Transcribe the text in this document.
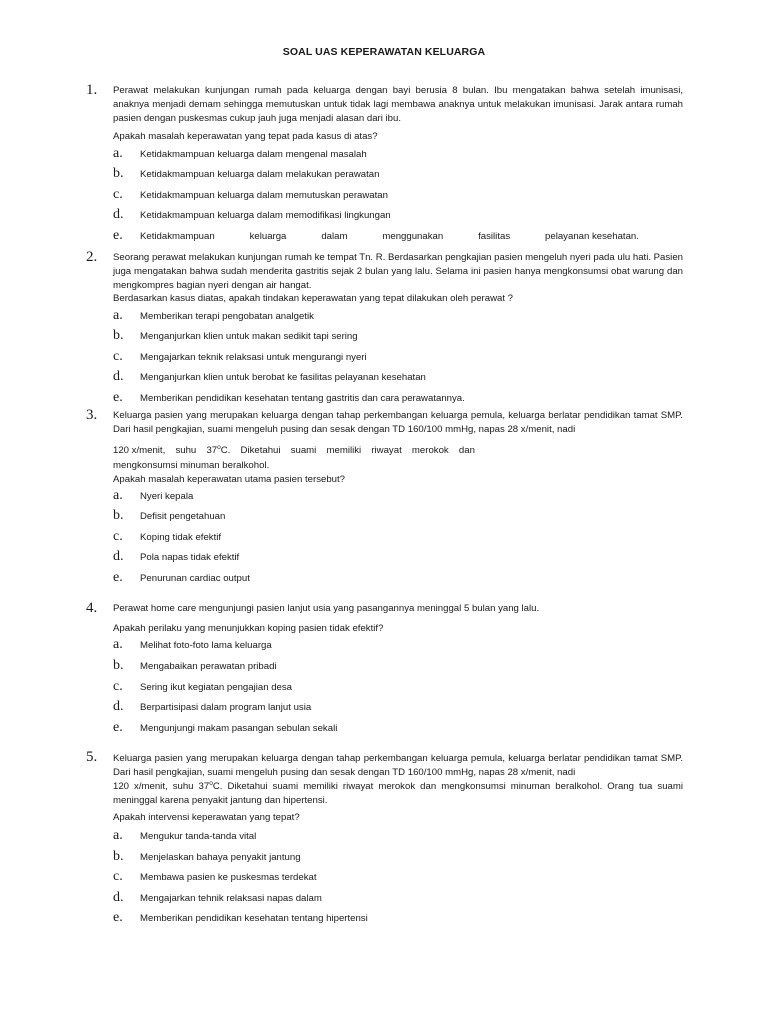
SOAL UAS KEPERAWATAN KELUARGA
1. Perawat melakukan kunjungan rumah pada keluarga dengan bayi berusia 8 bulan. Ibu mengatakan bahwa setelah imunisasi, anaknya menjadi demam sehingga memutuskan untuk tidak lagi membawa anaknya untuk melakukan imunisasi. Jarak antara rumah pasien dengan puskesmas cukup jauh juga menjadi alasan dari ibu.
Apakah masalah keperawatan yang tepat pada kasus di atas?
a. Ketidakmampuan keluarga dalam mengenal masalah
b. Ketidakmampuan keluarga dalam melakukan perawatan
c. Ketidakmampuan keluarga dalam memutuskan perawatan
d. Ketidakmampuan keluarga dalam memodifikasi lingkungan
e. Ketidakmampuan	keluarga	dalam	menggunakan	fasilitas	pelayanan kesehatan.
2. Seorang perawat melakukan kunjungan rumah ke tempat Tn. R. Berdasarkan pengkajian pasien mengeluh nyeri pada ulu hati. Pasien juga mengatakan bahwa sudah menderita gastritis sejak 2 bulan yang lalu. Selama ini pasien hanya mengkonsumsi obat warung dan mengkompres bagian nyeri dengan air hangat.
Berdasarkan kasus diatas, apakah tindakan keperawatan yang tepat dilakukan oleh perawat ?
a. Memberikan terapi pengobatan analgetik
b. Menganjurkan klien untuk makan sedikit tapi sering
c. Mengajarkan teknik relaksasi untuk mengurangi nyeri
d. Menganjurkan klien untuk berobat ke fasilitas pelayanan kesehatan
e. Memberikan pendidikan kesehatan tentang gastritis dan cara perawatannya.
3. Keluarga pasien yang merupakan keluarga dengan tahap perkembangan keluarga pemula, keluarga berlatar pendidikan tamat SMP. Dari hasil pengkajian, suami mengeluh pusing dan sesak dengan TD 160/100 mmHg, napas 28 x/menit, nadi
120 x/menit, suhu 37$^o$C. Diketahui suami memiliki riwayat merokok dan
mengkonsumsi minuman beralkohol.
Apakah masalah keperawatan utama pasien tersebut?
a. Nyeri kepala
b. Defisit pengetahuan
c. Koping tidak efektif
d. Pola napas tidak efektif
e. Penurunan cardiac output
4. Perawat home care mengunjungi pasien lanjut usia yang pasangannya meninggal 5 bulan yang lalu.
Apakah perilaku yang menunjukkan koping pasien tidak efektif?
a. Melihat foto-foto lama keluarga
b. Mengabaikan perawatan pribadi
c. Sering ikut kegiatan pengajian desa
d. Berpartisipasi dalam program lanjut usia
e. Mengunjungi makam pasangan sebulan sekali
5. Keluarga pasien yang merupakan keluarga dengan tahap perkembangan keluarga pemula, keluarga berlatar pendidikan tamat SMP. Dari hasil pengkajian, suami mengeluh pusing dan sesak dengan TD 160/100 mmHg, napas 28 x/menit, nadi
120 x/menit, suhu 37$^o$C. Diketahui suami memiliki riwayat merokok dan mengkonsumsi minuman beralkohol. Orang tua suami meninggal karena penyakit jantung dan hipertensi.
Apakah intervensi keperawatan yang tepat?
a. Mengukur tanda-tanda vital
b. Menjelaskan bahaya penyakit jantung
c. Membawa pasien ke puskesmas terdekat
d. Mengajarkan tehnik relaksasi napas dalam
e. Memberikan pendidikan kesehatan tentang hipertensi
